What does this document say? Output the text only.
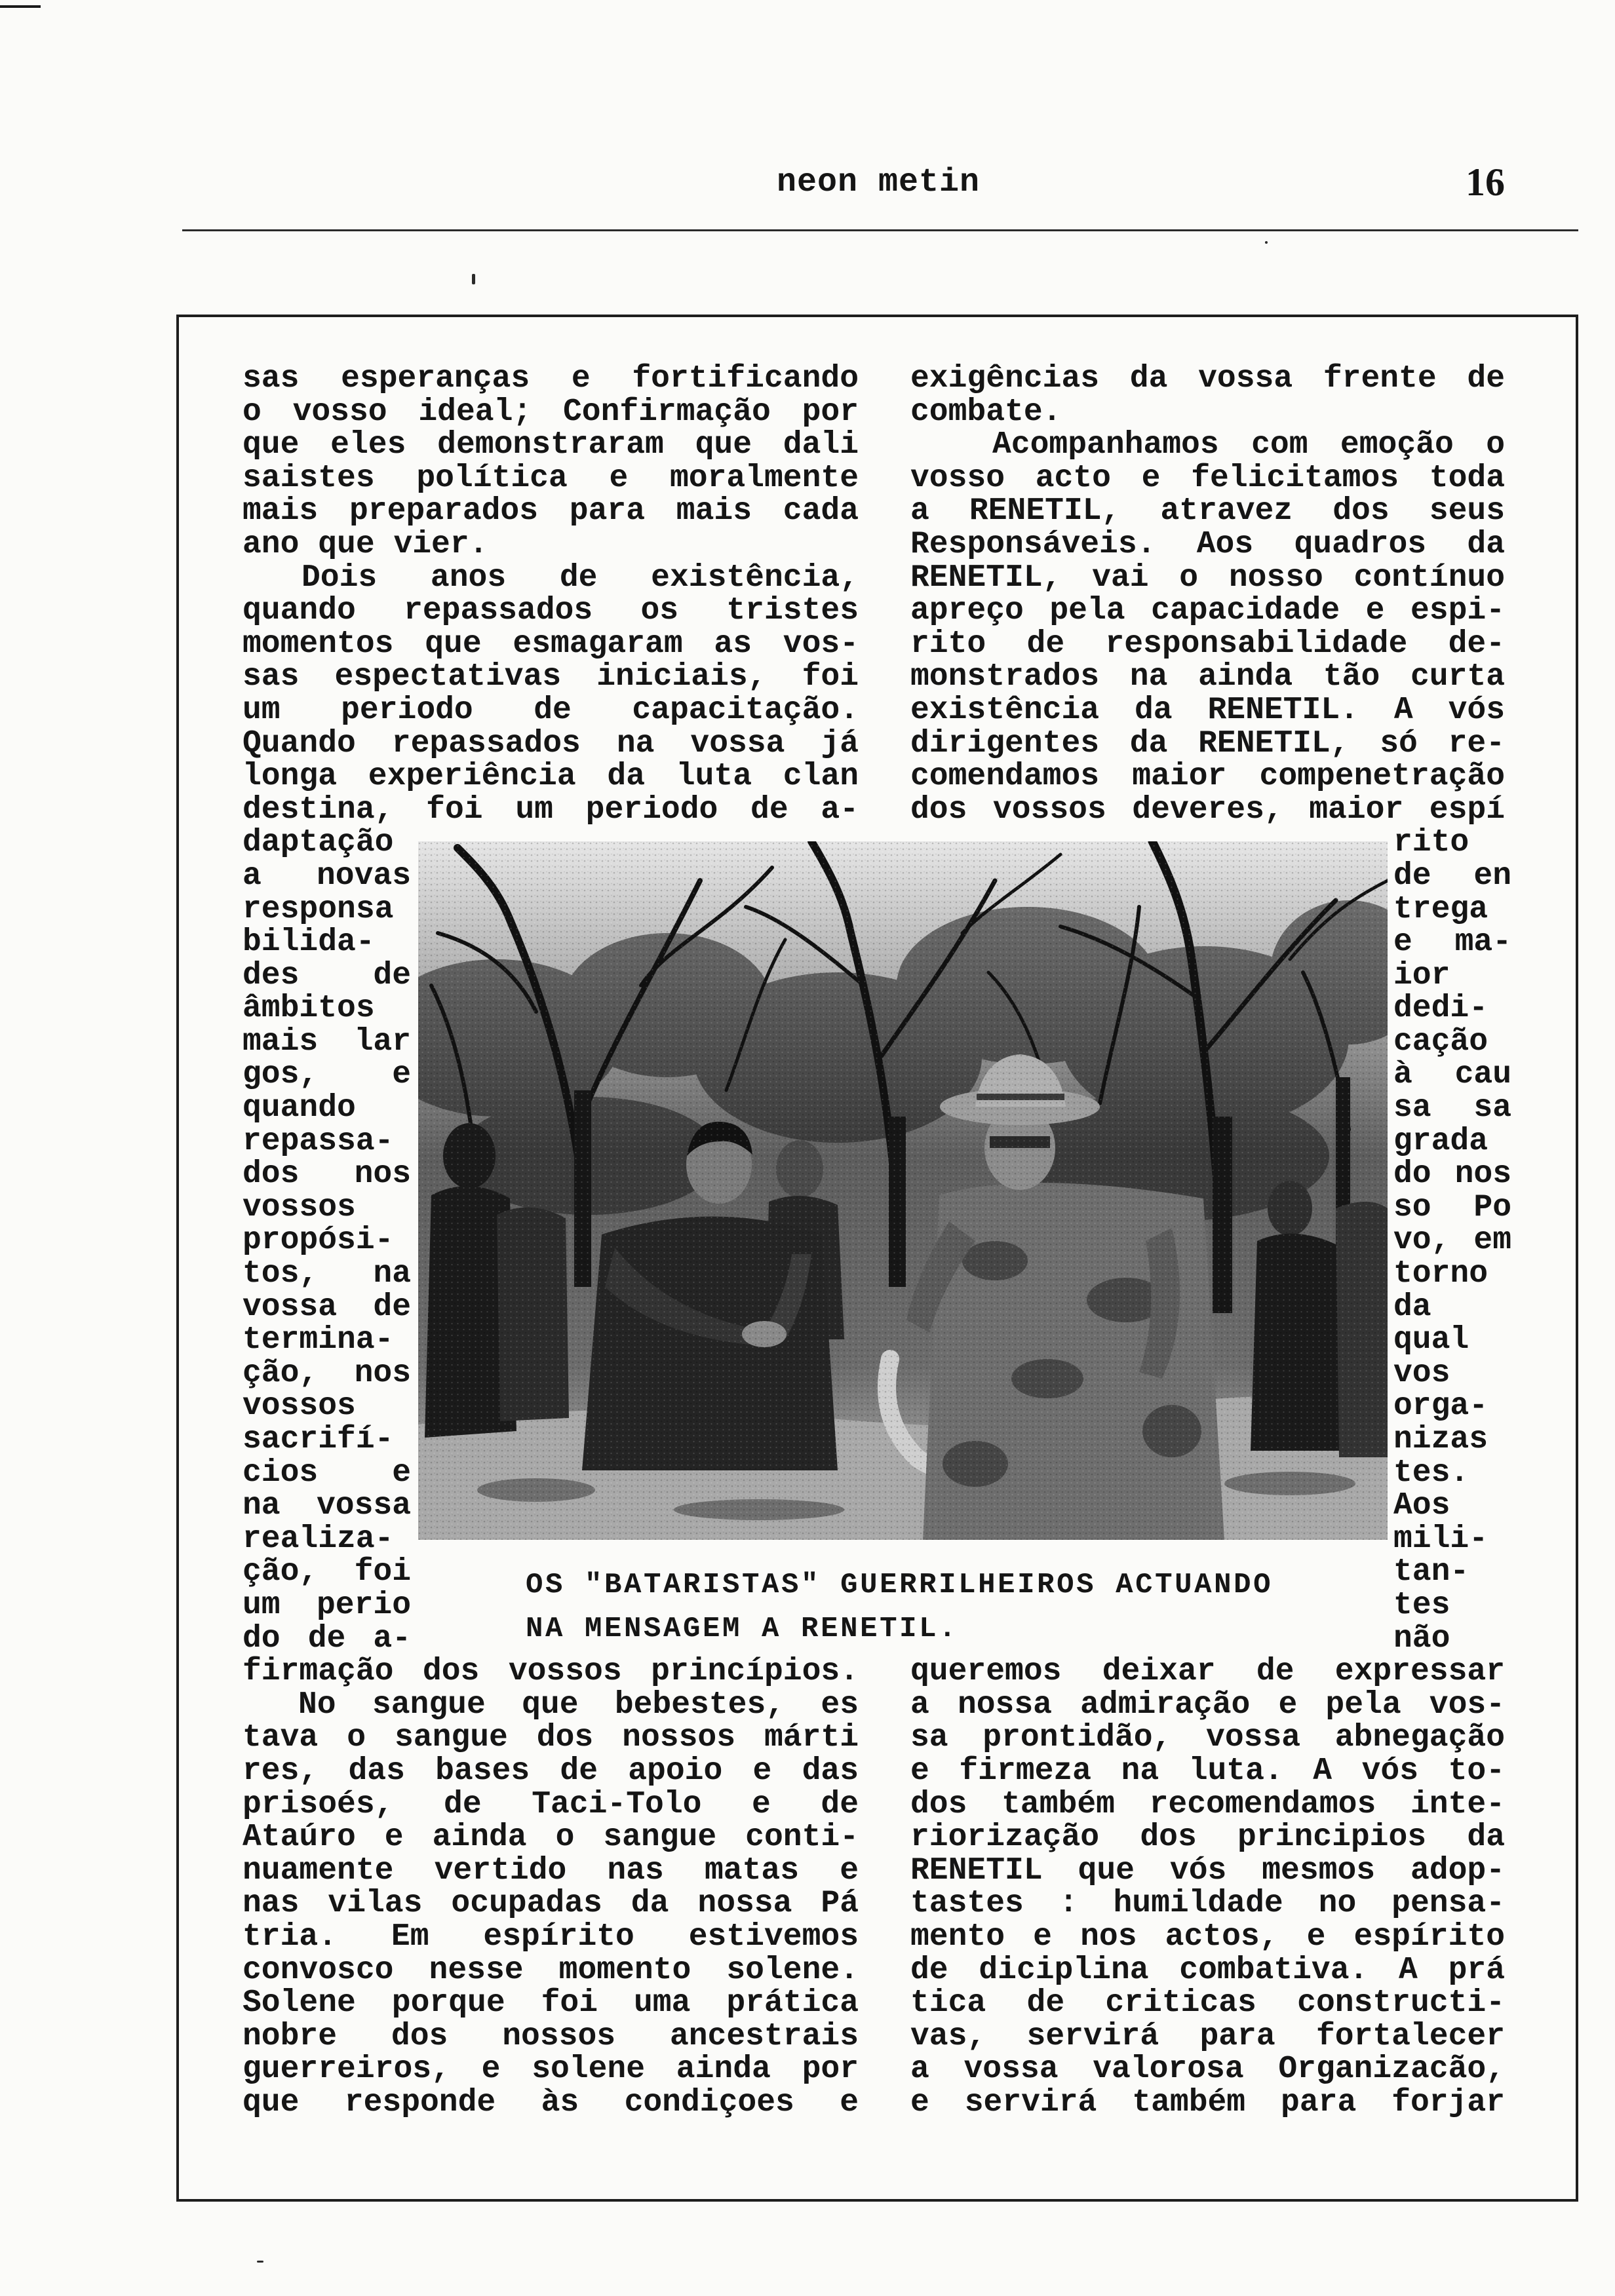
neon metin	16
sas esperanças e fortificando
o vosso ideal; Confirmação por
que eles demonstraram que dali
saistes política e moralmente
mais preparados para mais cada
ano que vier.
Dois anos de existência,
quando repassados os tristes
momentos que esmagaram as vos-
sas espectativas iniciais, foi
um periodo de capacitação.
Quando repassados na vossa já
longa experiência da luta clan
destina, foi um periodo de a-
daptação
a novas
responsa
bilida-
des de
âmbitos
mais lar
gos, e
quando
repassa-
dos nos
vossos
propósi-
tos, na
vossa de
termina-
ção, nos
vossos
sacrifí-
cios e
na vossa
realiza-
ção, foi
um perio
do de a-
firmação dos vossos princípios.
No sangue que bebestes, es
tava o sangue dos nossos márti
res, das bases de apoio e das
prisoés, de Taci-Tolo e de
Ataúro e ainda o sangue conti-
nuamente vertido nas matas e
nas vilas ocupadas da nossa Pá
tria. Em espírito estivemos
convosco nesse momento solene.
Solene porque foi uma prática
nobre dos nossos ancestrais
guerreiros, e solene ainda por
que responde às condiçoes e
exigências da vossa frente de
combate.
Acompanhamos com emoção o
vosso acto e felicitamos toda
a RENETIL, atravez dos seus
Responsáveis. Aos quadros da
RENETIL, vai o nosso contínuo
apreço pela capacidade e espi-
rito de responsabilidade de-
monstrados na ainda tão curta
existência da RENETIL. A vós
dirigentes da RENETIL, só re-
comendamos maior compenetração
dos vossos deveres, maior espí
rito
de en
trega
e ma-
ior
dedi-
cação
à cau
sa sa
grada
do nos
so Po
vo, em
torno
da
qual
vos
orga-
nizas
tes.
Aos
mili-
tan-
tes
não
queremos deixar de expressar
a nossa admiração e pela vos-
sa prontidão, vossa abnegação
e firmeza na luta. A vós to-
dos também recomendamos inte-
riorização dos principios da
RENETIL que vós mesmos adop-
tastes : humildade no pensa-
mento e nos actos, e espírito
de diciplina combativa. A prá
tica de criticas constructi-
vas, servirá para fortalecer
a vossa valorosa Organizacão,
e servirá também para forjar
OS "BATARISTAS" GUERRILHEIROS ACTUANDO
NA MENSAGEM A RENETIL.
